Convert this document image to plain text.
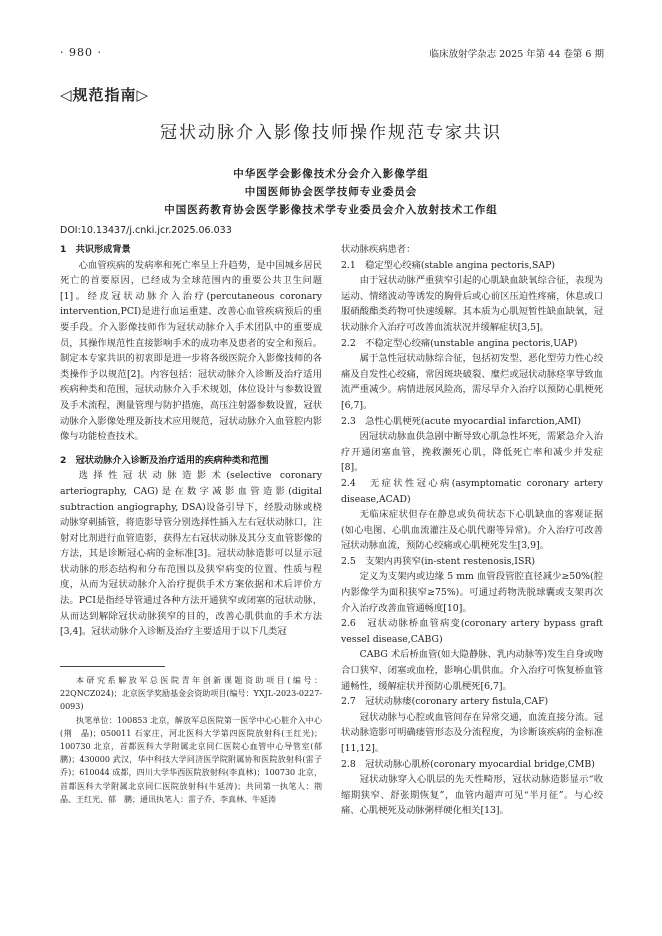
· 980 ·	临床放射学杂志 2025 年第 44 卷第 6 期
◁规范指南▷
冠状动脉介入影像技师操作规范专家共识
中华医学会影像技术分会介入影像学组
中国医师协会医学技师专业委员会
中国医药教育协会医学影像技术学专业委员会介入放射技术工作组
DOI:10.13437/j.cnki.jcr.2025.06.033

1　共识形成背景

心血管疾病的发病率和死亡率呈上升趋势，是中国城乡居民死亡的首要原因，已经成为全球范围内的重要公共卫生问题[1]。经皮冠状动脉介入治疗(percutaneous coronary intervention,PCI)是进行血运重建、改善心血管疾病预后的重要手段。介入影像技师作为冠状动脉介入手术团队中的重要成员，其操作规范性直接影响手术的成功率及患者的安全和预后。制定本专家共识的初衷即是进一步将各级医院介入影像技师的各类操作予以规范[2]。内容包括：冠状动脉介入诊断及治疗适用疾病种类和范围，冠状动脉介入手术规划，体位设计与参数设置及手术流程，测量管理与防护措施，高压注射器参数设置，冠状动脉介入影像处理及新技术应用规范，冠状动脉介入血管腔内影像与功能检查技术。

2　冠状动脉介入诊断及治疗适用的疾病种类和范围

选择性冠状动脉造影术(selective coronary arteriography, CAG)是在数字减影血管造影(digital subtraction angiography, DSA)设备引导下，经股动脉或桡动脉穿刺插管，将造影导管分别选择性插入左右冠状动脉口，注射对比剂进行血管造影，获得左右冠状动脉及其分支血管影像的方法，其是诊断冠心病的金标准[3]。冠状动脉造影可以显示冠状动脉的形态结构和分布范围以及狭窄病变的位置、性质与程度，从而为冠状动脉介入治疗提供手术方案依据和术后评价方法。PCI是指经导管通过各种方法开通狭窄或闭塞的冠状动脉，从而达到解除冠状动脉狭窄的目的，改善心肌供血的手术方法[3,4]。冠状动脉介入诊断及治疗主要适用于以下几类冠

本研究系解放军总医院青年创新课题资助项目(编号：22QNCZ024)；北京医学奖励基金会资助项目(编号：YXJL-2023-0227-0093)

执笔单位：100853 北京，解放军总医院第一医学中心心脏介入中心(荆　晶)；050011 石家庄，河北医科大学第四医院放射科(王红光)；100730 北京，首都医科大学附属北京同仁医院心血管中心导管室(郁　鹏)；430000 武汉，华中科技大学同济医学院附属协和医院放射科(雷子乔)；610044 成都，四川大学华西医院放射科(李真林)；100730 北京，首都医科大学附属北京同仁医院放射科(牛延涛)；共同第一执笔人：荆　晶、王红光、郁　鹏；通讯执笔人：雷子乔、李真林、牛延涛

状动脉疾病患者：

2.1　稳定型心绞痛(stable angina pectoris,SAP)

由于冠状动脉严重狭窄引起的心肌缺血缺氧综合征，表现为运动、情绪波动等诱发的胸骨后或心前区压迫性疼痛，休息或口服硝酸酯类药物可快速缓解。其本质为心肌短暂性缺血缺氧，冠状动脉介入治疗可改善血流状况并缓解症状[3,5]。

2.2　不稳定型心绞痛(unstable angina pectoris,UAP)

属于急性冠状动脉综合征，包括初发型、恶化型劳力性心绞痛及自发性心绞痛，常因斑块破裂、糜烂或冠状动脉痉挛导致血流严重减少。病情进展风险高，需尽早介入治疗以预防心肌梗死[6,7]。

2.3　急性心肌梗死(acute myocardial infarction,AMI)

因冠状动脉血供急剧中断导致心肌急性坏死，需紧急介入治疗开通闭塞血管，挽救濒死心肌，降低死亡率和减少并发症[8]。

2.4　无症状性冠心病(asymptomatic coronary artery disease,ACAD)

无临床症状但存在静息或负荷状态下心肌缺血的客观证据(如心电图、心肌血流灌注及心肌代谢等异常)。介入治疗可改善冠状动脉血流，预防心绞痛或心肌梗死发生[3,9]。

2.5　支架内再狭窄(in-stent restenosis,ISR)

定义为支架内或边缘 5 mm 血管段管腔直径减少≥50%(腔内影像学为面积狭窄≥75%)。可通过药物洗脱球囊或支架再次介入治疗改善血管通畅度[10]。

2.6　冠状动脉桥血管病变(coronary artery bypass graft vessel disease,CABG)

CABG 术后桥血管(如大隐静脉、乳内动脉等)发生自身或吻合口狭窄、闭塞或血栓，影响心肌供血。介入治疗可恢复桥血管通畅性，缓解症状并预防心肌梗死[6,7]。

2.7　冠状动脉瘘(coronary artery fistula,CAF)

冠状动脉与心腔或血管间存在异常交通，血流直接分流。冠状动脉造影可明确瘘管形态及分流程度，为诊断该疾病的金标准[11,12]。

2.8　冠状动脉心肌桥(coronary myocardial bridge,CMB)

冠状动脉穿入心肌层的先天性畸形，冠状动脉造影显示“收缩期狭窄、舒张期恢复”，血管内超声可见“半月征”。与心绞痛、心肌梗死及动脉粥样硬化相关[13]。
